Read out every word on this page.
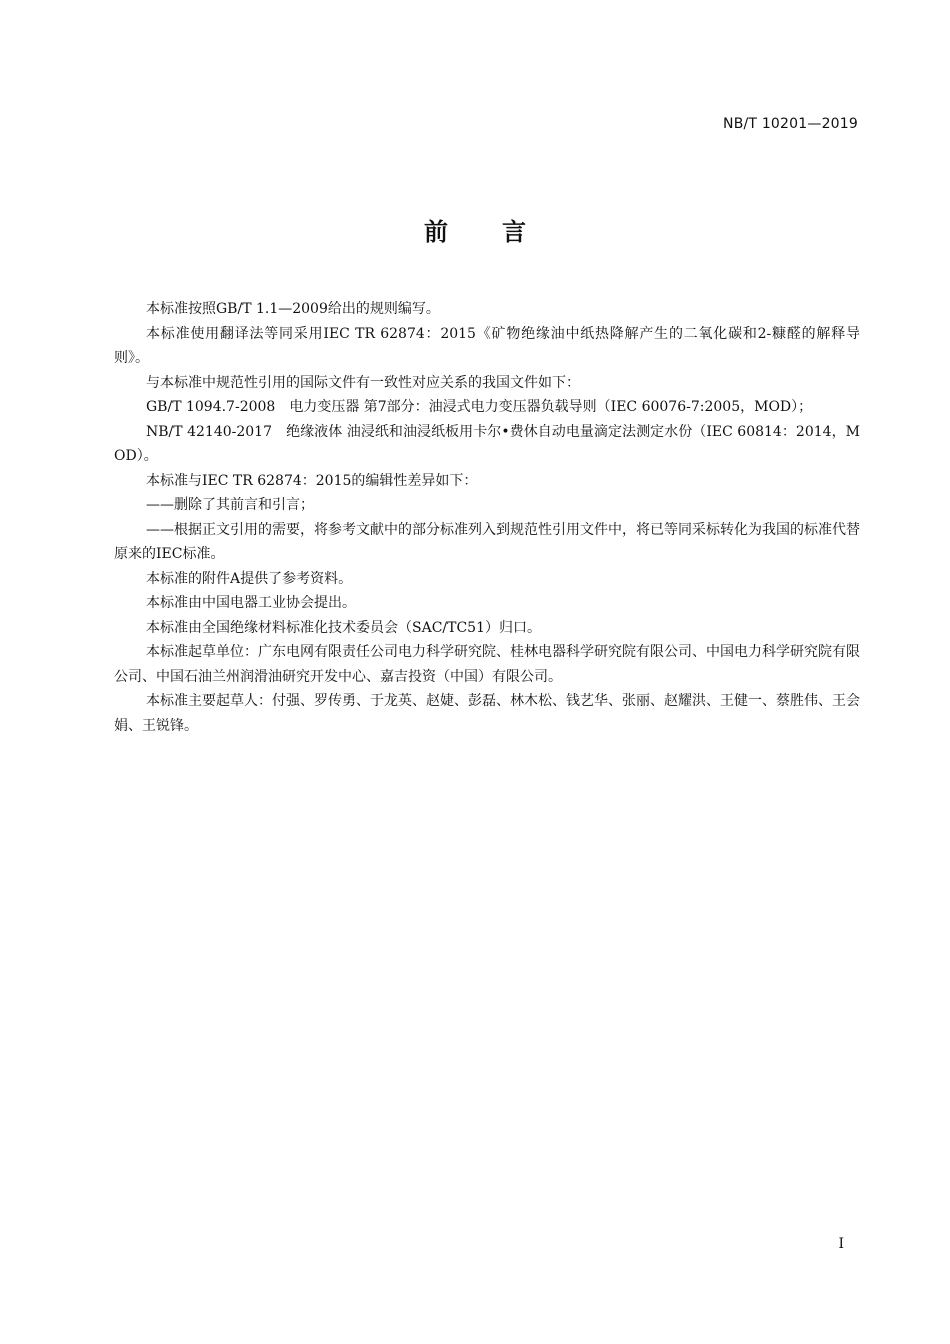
NB/T 10201—2019
前言

本标准按照GB/T 1.1—2009给出的规则编写。

本标准使用翻译法等同采用IEC TR 62874：2015《矿物绝缘油中纸热降解产生的二氧化碳和2-糠醛的解释导则》。

与本标准中规范性引用的国际文件有一致性对应关系的我国文件如下：

GB/T 1094.7-2008　电力变压器 第7部分：油浸式电力变压器负载导则（IEC 60076-7:2005，MOD）；

NB/T 42140-2017　绝缘液体 油浸纸和油浸纸板用卡尔•费休自动电量滴定法测定水份（IEC 60814：2014，MOD）。

本标准与IEC TR 62874：2015的编辑性差异如下：

——删除了其前言和引言；

——根据正文引用的需要，将参考文献中的部分标准列入到规范性引用文件中，将已等同采标转化为我国的标准代替原来的IEC标准。

本标准的附件A提供了参考资料。

本标准由中国电器工业协会提出。

本标准由全国绝缘材料标准化技术委员会（SAC/TC51）归口。

本标准起草单位：广东电网有限责任公司电力科学研究院、桂林电器科学研究院有限公司、中国电力科学研究院有限公司、中国石油兰州润滑油研究开发中心、嘉吉投资（中国）有限公司。

本标准主要起草人：付强、罗传勇、于龙英、赵婕、彭磊、林木松、钱艺华、张丽、赵耀洪、王健一、蔡胜伟、王会娟、王锐锋。

I
